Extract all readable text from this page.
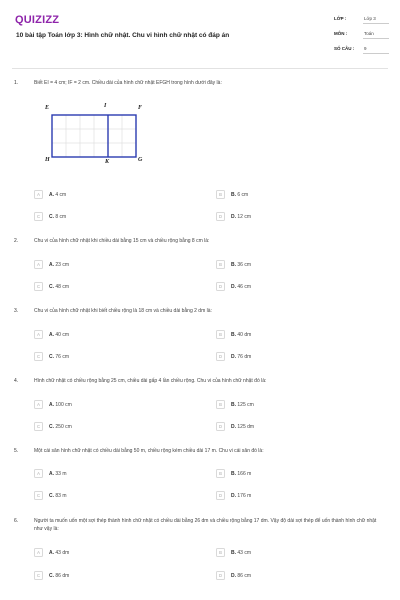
QUIZIZZ
10 bài tập Toán lớp 3: Hình chữ nhật. Chu vi hình chữ nhật có đáp án
LỚP :	Lớp 3
MÔN :	Toán
SỐ CÂU : 9
1.	Biết EI = 4 cm; IF = 2 cm. Chiều dài của hình chữ nhật EFGH trong hình dưới đây là:
E	I	F
H	K	G
A	A. 4 cm	B	B. 6 cm
C	C. 8 cm	D	D. 12 cm
2.	Chu vi của hình chữ nhật khi chiều dài bằng 15 cm và chiều rộng bằng 8 cm là:
A	A. 23 cm	B	B. 36 cm
C	C. 48 cm	D	D. 46 cm
3.	Chu vi của hình chữ nhật khi biết chiều rộng là 18 cm và chiều dài bằng 2 dm là:
A	A. 40 cm	B	B. 40 dm
C	C. 76 cm	D	D. 76 dm
4.	Hình chữ nhật có chiều rộng bằng 25 cm, chiều dài gấp 4 lần chiều rộng. Chu vi của hình chữ nhật đó là:
A	A. 100 cm	B	B. 125 cm
C	C. 250 cm	D	D. 125 dm
5.	Một cái sân hình chữ nhật có chiều dài bằng 50 m, chiều rộng kém chiều dài 17 m. Chu vi cái sân đó là:
A	A. 33 m	B	B. 166 m
C	C. 83 m	D	D. 176 m
6.	Người ta muốn uốn một sợi thép thành hình chữ nhật có chiều dài bằng 26 dm và chiều rộng bằng 17 dm. Vậy độ dài sợi thép để uốn thành hình chữ nhật như vậy là:
A	A. 43 dm	B	B. 43 cm
C	C. 86 dm	D	D. 86 cm
